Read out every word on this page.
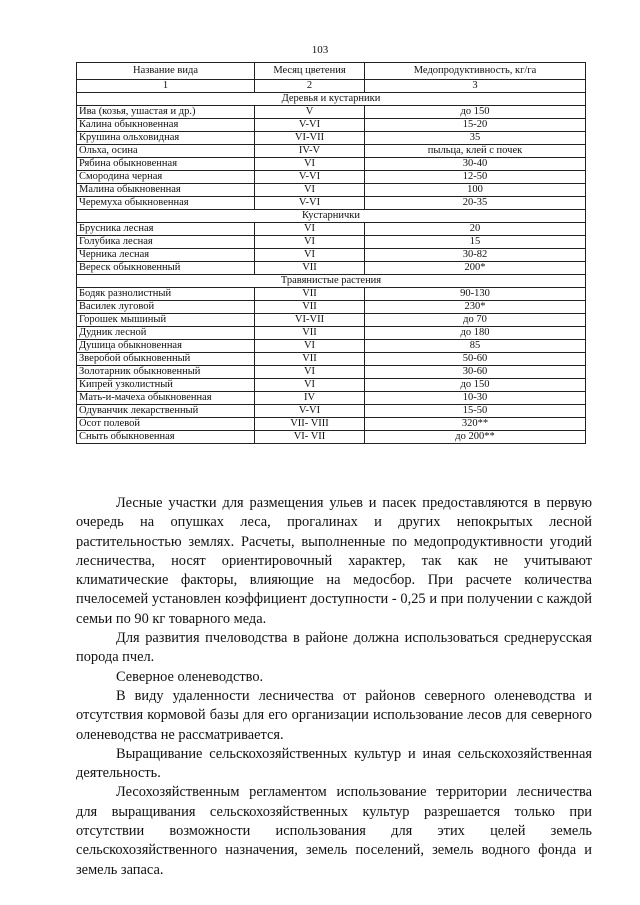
103
Название вида	Месяц цветения	Медопродуктивность, кг/га
1	2	3
Деревья и кустарники		
Ива (козья, ушастая и др.)	V	до 150
Калина обыкновенная	V-VI	15-20
Крушина ольховидная	VI-VII	35
Ольха, осина	IV-V	пыльца, клей с почек
Рябина обыкновенная	VI	30-40
Смородина черная	V-VI	12-50
Малина обыкновенная	VI	100
Черемуха обыкновенная	V-VI	20-35
Кустарнички		
Брусника лесная	VI	20
Голубика лесная	VI	15
Черника лесная	VI	30-82
Вереск обыкновенный	VII	200*
Травянистые растения		
Бодяк разнолистный	VII	90-130
Василек луговой	VII	230*
Горошек мышиный	VI-VII	до 70
Дудник лесной	VII	до 180
Душица обыкновенная	VI	85
Зверобой обыкновенный	VII	50-60
Золотарник обыкновенный	VI	30-60
Кипрей узколистный	VI	до 150
Мать-и-мачеха обыкновенная	IV	10-30
Одуванчик лекарственный	V-VI	15-50
Осот полевой	VII- VIII	320**
Сныть обыкновенная	VI- VII	до 200**

Лесные участки для размещения ульев и пасек предоставляются в первую очередь на опушках леса, прогалинах и других непокрытых лесной растительностью землях. Расчеты, выполненные по медопродуктивности угодий лесничества, носят ориентировочный характер, так как не учитывают климатические факторы, влияющие на медосбор. При расчете количества пчелосемей установлен коэффициент доступности - 0,25 и при получении с каждой семьи по 90 кг товарного меда.

Для развития пчеловодства в районе должна использоваться среднерусская порода пчел.

Северное оленеводство.

В виду удаленности лесничества от районов северного оленеводства и отсутствия кормовой базы для его организации использование лесов для северного оленеводства не рассматривается.

Выращивание сельскохозяйственных культур и иная сельскохозяйственная деятельность.

Лесохозяйственным регламентом использование территории лесничества для выращивания сельскохозяйственных культур разрешается только при отсутствии возможности использования для этих целей земель сельскохозяйственного назначения, земель поселений, земель водного фонда и земель запаса.
